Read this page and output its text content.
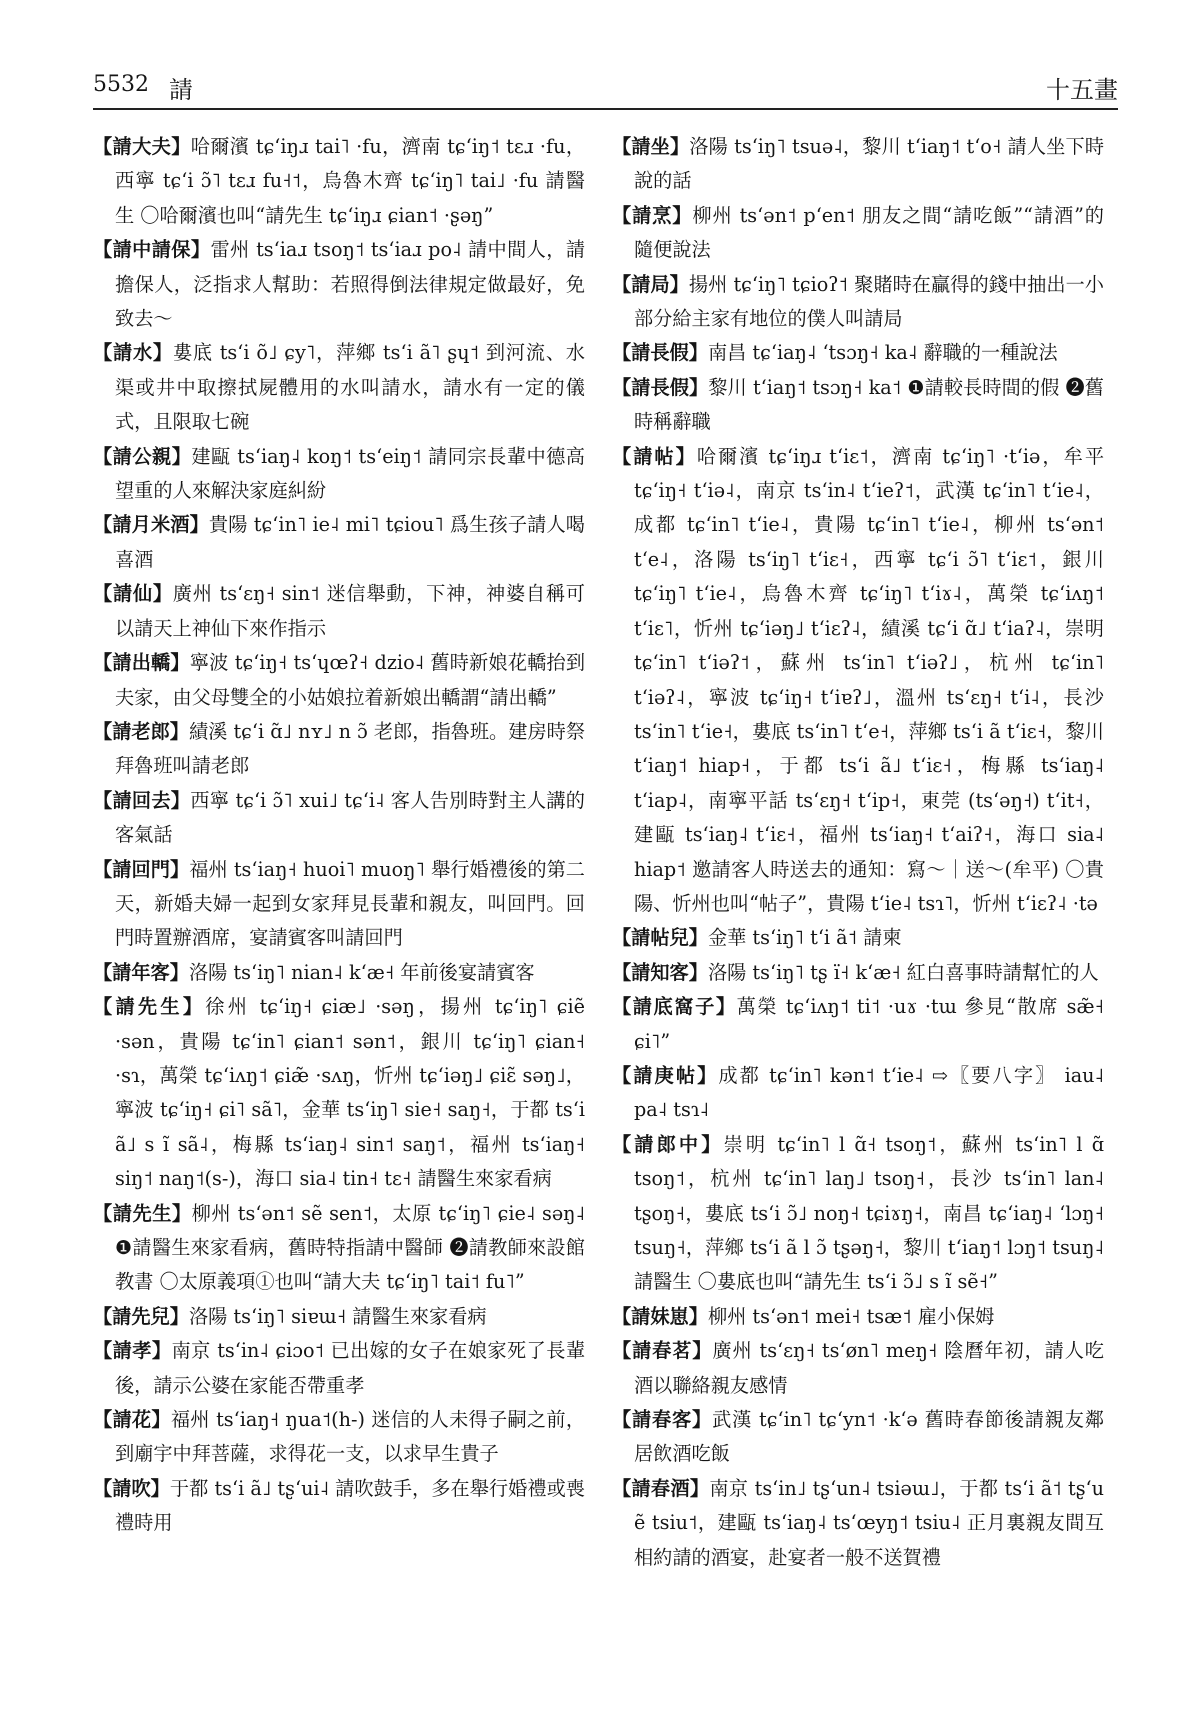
5532 請	十五畫

【請大夫】哈爾濱 tɕʻiŋɹ tai˥ ·fu，濟南 tɕʻiŋ˦ tɛɹ ·fu，西寧 tɕʻi ɔ̃˥ tɛɹ fu˧˦，烏魯木齊 tɕʻiŋ˥ tai˩ ·fu 請醫生 〇哈爾濱也叫“請先生 tɕʻiŋɹ ɕian˦ ·ʂəŋ”

【請中請保】雷州 tsʻiaɹ tsoŋ˦ tsʻiaɹ po˨ 請中間人，請擔保人，泛指求人幫助：若照得倒法律規定做最好，免致去～

【請水】婁底 tsʻi õ˩ ɕy˥，萍鄉 tsʻi ã˥ ʂɥ˦ 到河流、水渠或井中取擦拭屍體用的水叫請水，請水有一定的儀式，且限取七碗

【請公親】建甌 tsʻiaŋ˨ koŋ˦ tsʻeiŋ˦ 請同宗長輩中德高望重的人來解決家庭糾紛

【請月米酒】貴陽 tɕʻin˥ ie˨ mi˥ tɕiou˥ 爲生孩子請人喝喜酒

【請仙】廣州 tsʻɛŋ˧ sin˦ 迷信舉動，下神，神婆自稱可以請天上神仙下來作指示

【請出轎】寧波 tɕʻiŋ˧ tsʻɥœʔ˧ dzio˨ 舊時新娘花轎抬到夫家，由父母雙全的小姑娘拉着新娘出轎謂“請出轎”

【請老郎】績溪 tɕʻi ɑ̃˩ nʏ˩ n ɔ̃ 老郎，指魯班。建房時祭拜魯班叫請老郎

【請回去】西寧 tɕʻi ɔ̃˥ xui˩ tɕʻi˨ 客人告別時對主人講的客氣話

【請回門】福州 tsʻiaŋ˧ huoi˥ muoŋ˥ 舉行婚禮後的第二天，新婚夫婦一起到女家拜見長輩和親友，叫回門。回門時置辦酒席，宴請賓客叫請回門

【請年客】洛陽 tsʻiŋ˥ nian˨ kʻæ˧ 年前後宴請賓客

【請先生】徐州 tɕʻiŋ˧ ɕiæ˩ ·səŋ，揚州 tɕʻiŋ˥ ɕiẽ ·sən，貴陽 tɕʻin˥ ɕian˦ sən˦，銀川 tɕʻiŋ˥ ɕian˧ ·sɿ，萬榮 tɕʻiʌŋ˦ ɕiæ̃ ·sʌŋ，忻州 tɕʻiəŋ˩ ɕiɛ̃ səŋ˩，寧波 tɕʻiŋ˧ ɕi˥ sã˥，金華 tsʻiŋ˥ sie˧ saŋ˧，于都 tsʻi ã˩ s ĩ sã˨，梅縣 tsʻiaŋ˨ sin˦ saŋ˦，福州 tsʻiaŋ˧ siŋ˦ naŋ˦(s-)，海口 sia˨ tin˧ tɛ˧ 請醫生來家看病

【請先生】柳州 tsʻən˦ sẽ sen˦，太原 tɕʻiŋ˥ ɕie˨ səŋ˨ ❶請醫生來家看病，舊時特指請中醫師 ❷請教師來設館教書 〇太原義項①也叫“請大夫 tɕʻiŋ˥ tai˦ fu˥”

【請先兒】洛陽 tsʻiŋ˥ siɐɯ˧ 請醫生來家看病

【請孝】南京 tsʻin˨ ɕiɔo˦ 已出嫁的女子在娘家死了長輩後，請示公婆在家能否帶重孝

【請花】福州 tsʻiaŋ˧ ŋua˦(h-) 迷信的人未得子嗣之前，到廟宇中拜菩薩，求得花一支，以求早生貴子

【請吹】于都 tsʻi ã˩ tʂʻui˨ 請吹鼓手，多在舉行婚禮或喪禮時用

【請坐】洛陽 tsʻiŋ˥ tsuə˨，黎川 tʻiaŋ˦ tʻo˧ 請人坐下時說的話

【請烹】柳州 tsʻən˦ pʻen˦ 朋友之間“請吃飯”“請酒”的隨便說法

【請局】揚州 tɕʻiŋ˥ tɕioʔ˦ 聚賭時在贏得的錢中抽出一小部分給主家有地位的僕人叫請局

【請長假】南昌 tɕʻiaŋ˨ ʻtsɔŋ˧ ka˨ 辭職的一種說法

【請長假】黎川 tʻiaŋ˦ tsɔŋ˧ ka˦ ❶請較長時間的假 ❷舊時稱辭職

【請帖】哈爾濱 tɕʻiŋɹ tʻiɛ˦，濟南 tɕʻiŋ˥ ·tʻiə，牟平 tɕʻiŋ˧ tʻiə˨，南京 tsʻin˨ tʻieʔ˦，武漢 tɕʻin˥ tʻie˨，成都 tɕʻin˥ tʻie˨，貴陽 tɕʻin˥ tʻie˨，柳州 tsʻən˦ tʻe˨，洛陽 tsʻiŋ˥ tʻiɛ˧，西寧 tɕʻi ɔ̃˥ tʻiɛ˦，銀川 tɕʻiŋ˥ tʻie˨，烏魯木齊 tɕʻiŋ˥ tʻiɤ˨，萬榮 tɕʻiʌŋ˦ tʻiɛ˥，忻州 tɕʻiəŋ˩ tʻiɛʔ˨，績溪 tɕʻi ɑ̃˩ tʻiaʔ˨，崇明 tɕʻin˥ tʻiəʔ˦，蘇州 tsʻin˥ tʻiəʔ˩，杭州 tɕʻin˥ tʻiəʔ˨，寧波 tɕʻiŋ˧ tʻiɐʔ˩，溫州 tsʻɛŋ˧ tʻi˨，長沙 tsʻin˥ tʻie˧，婁底 tsʻin˥ tʻe˧，萍鄉 tsʻi ã tʻiɛ˧，黎川 tʻiaŋ˦ hiap˧，于都 tsʻi ã˩ tʻiɛ˧，梅縣 tsʻiaŋ˨ tʻiap˨，南寧平話 tsʻɛŋ˧ tʻip˧，東莞 (tsʻəŋ˧) tʻit˧，建甌 tsʻiaŋ˨ tʻiɛ˧，福州 tsʻiaŋ˧ tʻaiʔ˧，海口 sia˨ hiap˦ 邀請客人時送去的通知：寫～｜送～(牟平) 〇貴陽、忻州也叫“帖子”，貴陽 tʻie˨ tsɿ˥，忻州 tʻiɛʔ˨ ·tə

【請帖兒】金華 tsʻiŋ˥ tʻi ã˦ 請柬

【請知客】洛陽 tsʻiŋ˥ tʂ ï˧ kʻæ˧ 紅白喜事時請幫忙的人

【請底窩子】萬榮 tɕʻiʌŋ˦ ti˦ ·uɤ ·tɯ 參見“散席 sæ̃˧ ɕi˥”

【請庚帖】成都 tɕʻin˥ kən˦ tʻie˨ ⇨〖要八字〗 iau˨ pa˨ tsɿ˨

【請郎中】崇明 tɕʻin˥ l ɑ̃˧ tsoŋ˦，蘇州 tsʻin˥ l ɑ̃ tsoŋ˦，杭州 tɕʻin˥ laŋ˩ tsoŋ˧，長沙 tsʻin˥ lan˨ tʂoŋ˧，婁底 tsʻi ɔ̃˩ noŋ˧ tɕiɤŋ˧，南昌 tɕʻiaŋ˨ ʻlɔŋ˧ tsuŋ˧，萍鄉 tsʻi ã l ɔ̃ tʂəŋ˧，黎川 tʻiaŋ˦ lɔŋ˦ tsuŋ˨ 請醫生 〇婁底也叫“請先生 tsʻi ɔ̃˩ s ĩ sẽ˧”

【請妹崽】柳州 tsʻən˦ mei˧ tsæ˦ 雇小保姆

【請春茗】廣州 tsʻɛŋ˧ tsʻøn˥ meŋ˧ 陰曆年初，請人吃酒以聯絡親友感情

【請春客】武漢 tɕʻin˥ tɕʻyn˦ ·kʻə 舊時春節後請親友鄰居飲酒吃飯

【請春酒】南京 tsʻin˩ tʂʻun˨ tsiəɯ˩，于都 tsʻi ã˦ tʂʻu ẽ tsiu˦，建甌 tsʻiaŋ˨ tsʻœyŋ˦ tsiu˨ 正月裏親友間互相約請的酒宴，赴宴者一般不送賀禮
